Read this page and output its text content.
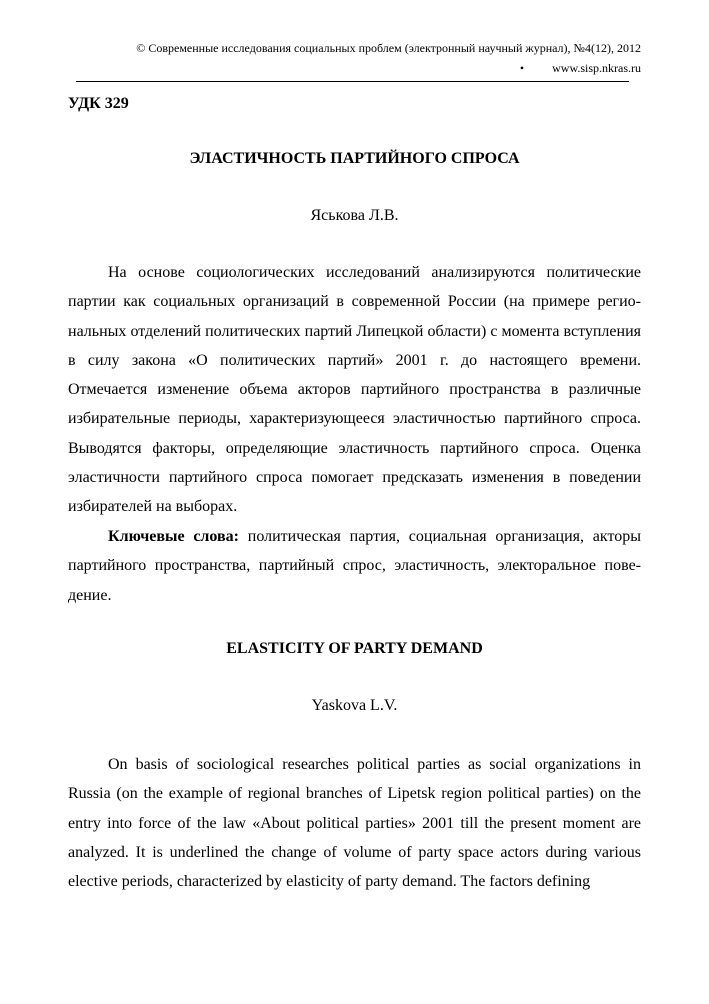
© Современные исследования социальных проблем (электронный научный журнал), №4(12), 2012
• www.sisp.nkras.ru
УДК 329
ЭЛАСТИЧНОСТЬ ПАРТИЙНОГО СПРОСА
Яськова Л.В.

На основе социологических исследований анализируются политические партии как социальных организаций в современной России (на примере региональных отделений политических партий Липецкой области) с момента вступления в силу закона «О политических партий» 2001 г. до настоящего времени. Отмечается изменение объема акторов партийного пространства в различные избирательные периоды, характеризующееся эластичностью партийного спроса. Выводятся факторы, определяющие эластичность партийного спроса. Оценка эластичности партийного спроса помогает предсказать изменения в поведении избирателей на выборах.

Ключевые слова: политическая партия, социальная организация, акторы партийного пространства, партийный спрос, эластичность, электоральное поведение.

ELASTICITY OF PARTY DEMAND
Yaskova L.V.

On basis of sociological researches political parties as social organizations in Russia (on the example of regional branches of Lipetsk region political parties) on the entry into force of the law «About political parties» 2001 till the present moment are analyzed. It is underlined the change of volume of party space actors during various elective periods, characterized by elasticity of party demand. The factors defining
